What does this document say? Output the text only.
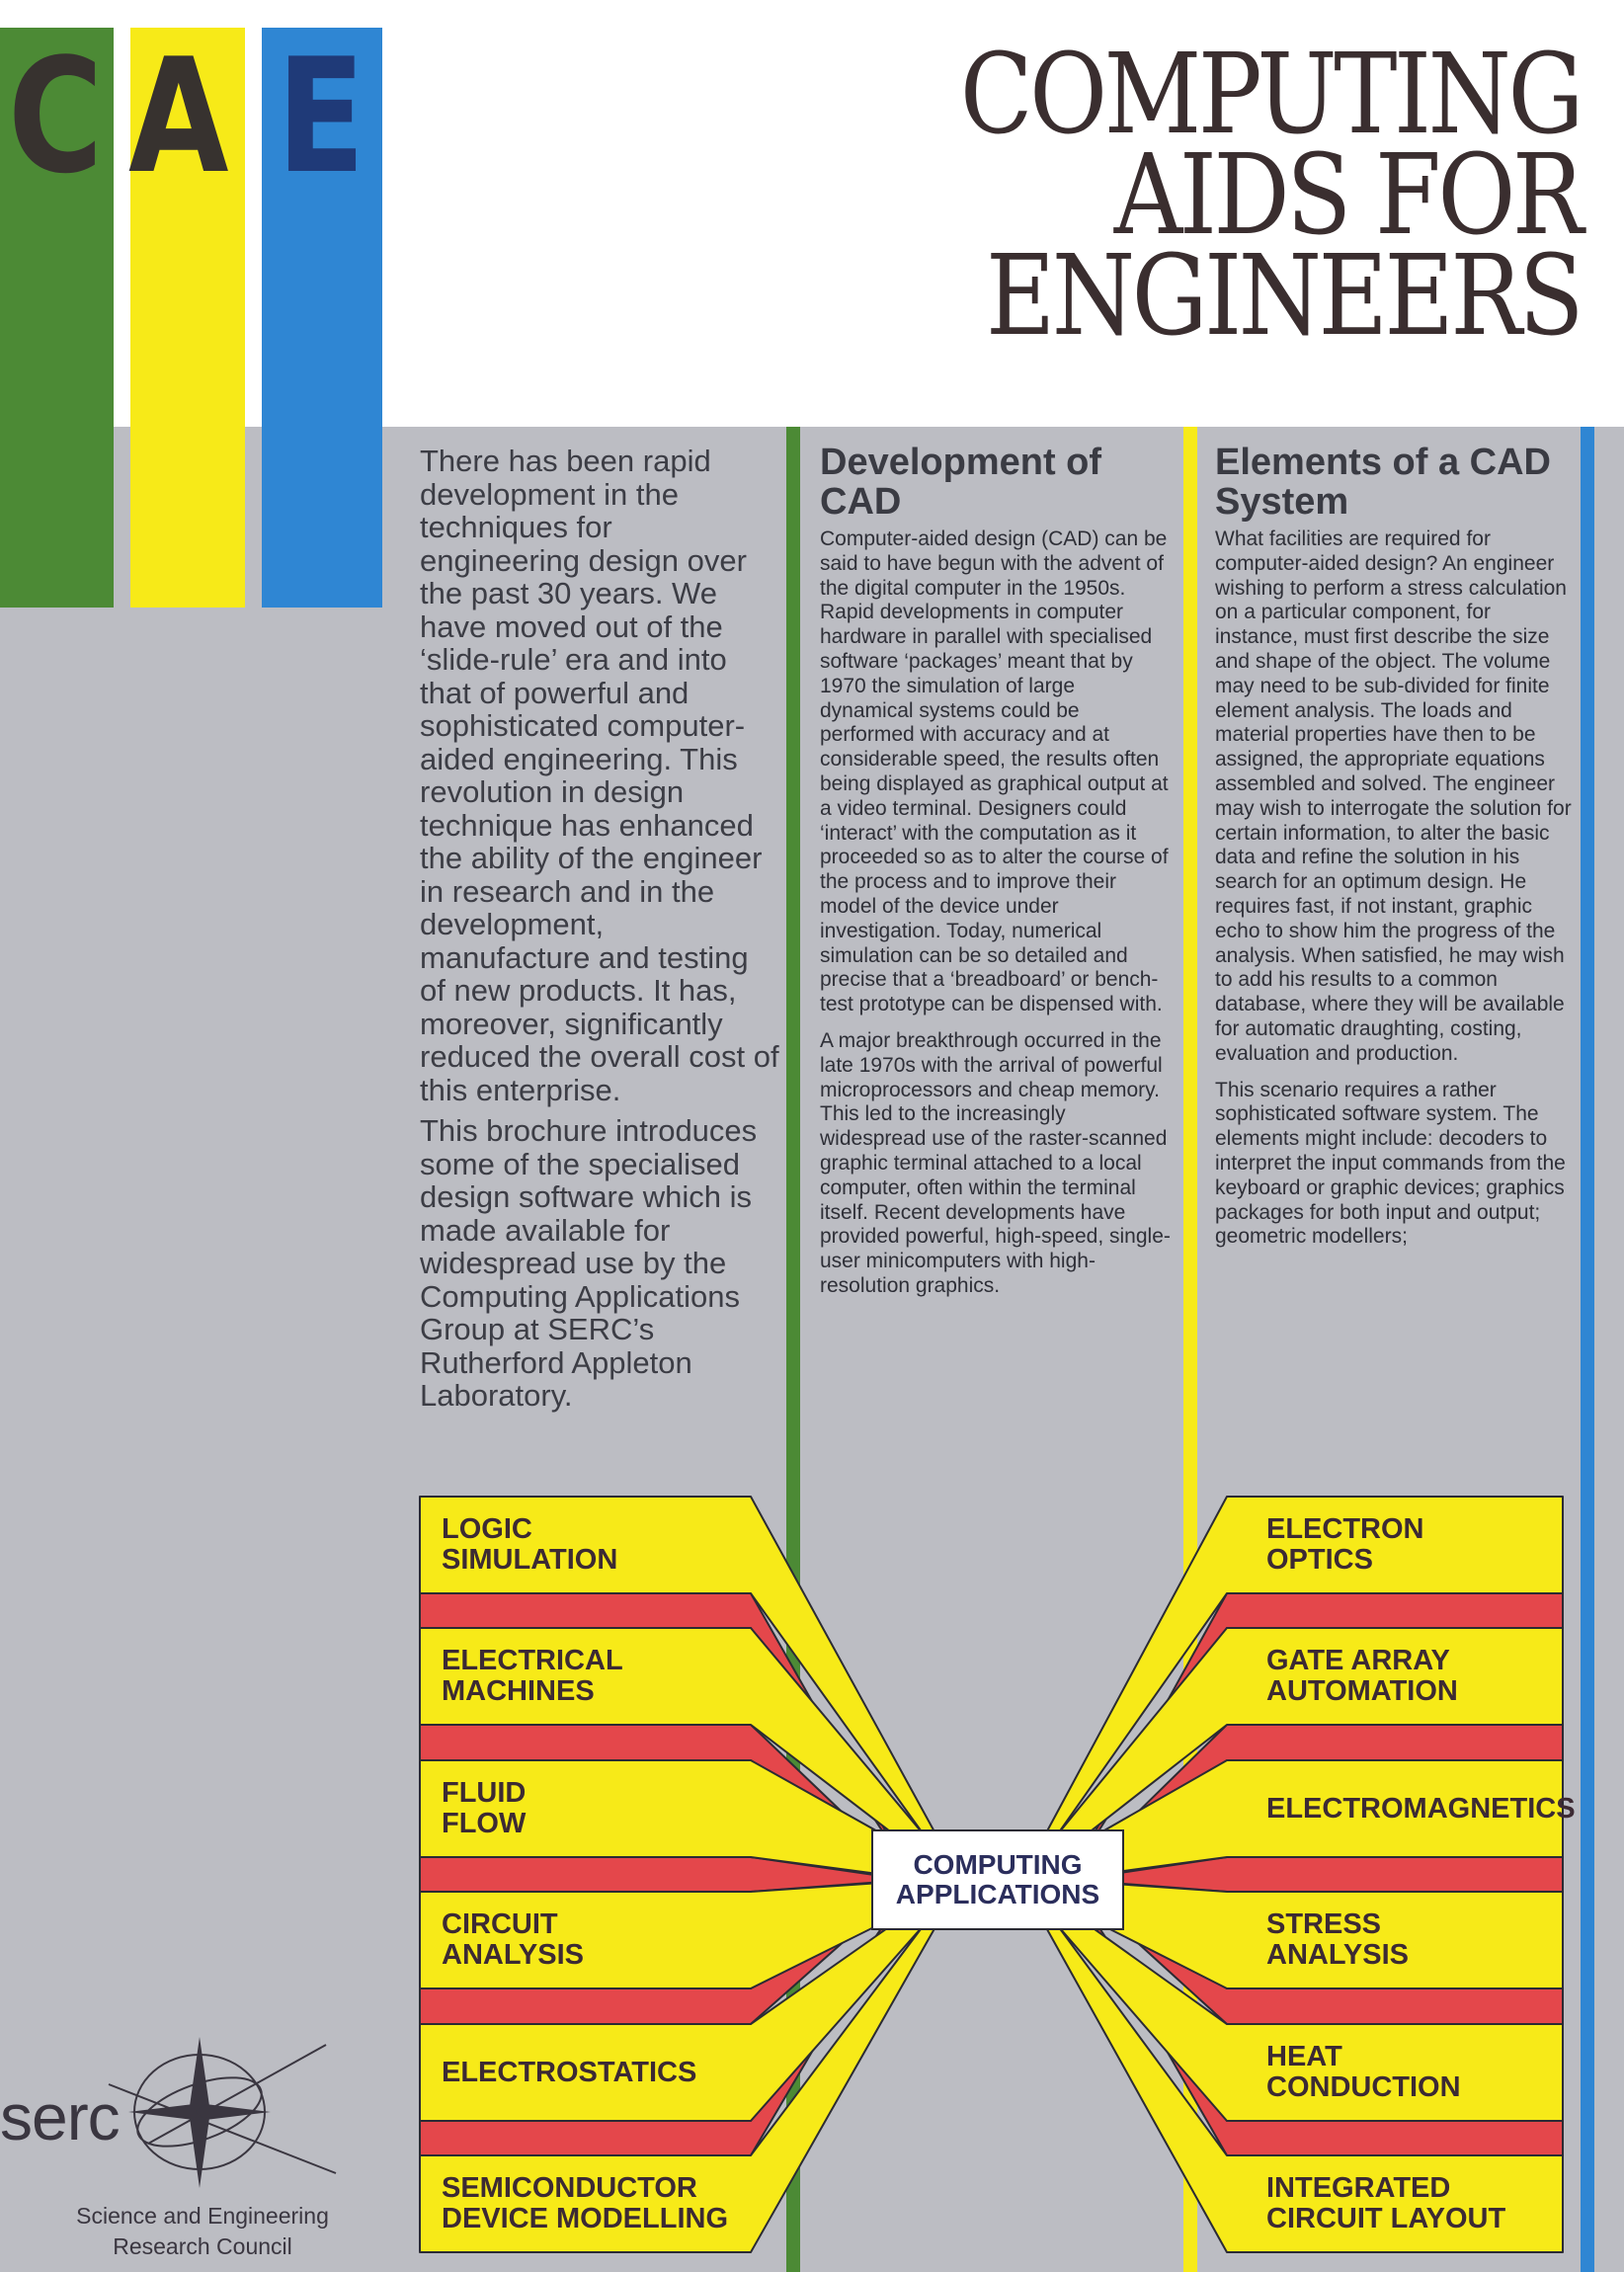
C A E	COMPUTING
AIDS FOR
ENGINEERS

There has been rapid development in the techniques for engineering design over the past 30 years. We have moved out of the ‘slide-rule’ era and into that of powerful and sophisticated computer-aided engineering. This revolution in design technique has enhanced the ability of the engineer in research and in the development, manufacture and testing of new products. It has, moreover, significantly reduced the overall cost of this enterprise.

This brochure introduces some of the specialised design software which is made available for widespread use by the Computing Applications Group at SERC’s Rutherford Appleton Laboratory.

Development of CAD

Computer-aided design (CAD) can be said to have begun with the advent of the digital computer in the 1950s. Rapid developments in computer hardware in parallel with specialised software ‘packages’ meant that by 1970 the simulation of large dynamical systems could be performed with accuracy and at considerable speed, the results often being displayed as graphical output at a video terminal. Designers could ‘interact’ with the computation as it proceeded so as to alter the course of the process and to improve their model of the device under investigation. Today, numerical simulation can be so detailed and precise that a ‘breadboard’ or bench-test prototype can be dispensed with.

A major breakthrough occurred in the late 1970s with the arrival of powerful microprocessors and cheap memory. This led to the increasingly widespread use of the raster-scanned graphic terminal attached to a local computer, often within the terminal itself. Recent developments have provided powerful, high-speed, single-user minicomputers with high-resolution graphics.

Elements of a CAD System

What facilities are required for computer-aided design? An engineer wishing to perform a stress calculation on a particular component, for instance, must first describe the size and shape of the object. The volume may need to be sub-divided for finite element analysis. The loads and material properties have then to be assigned, the appropriate equations assembled and solved. The engineer may wish to interrogate the solution for certain information, to alter the basic data and refine the solution in his search for an optimum design. He requires fast, if not instant, graphic echo to show him the progress of the analysis. When satisfied, he may wish to add his results to a common database, where they will be available for automatic draughting, costing, evaluation and production.

This scenario requires a rather sophisticated software system. The elements might include: decoders to interpret the input commands from the keyboard or graphic devices; graphics packages for both input and output; geometric modellers;

LOGIC
SIMULATION
ELECTRICAL
MACHINES
FLUID
FLOW
CIRCUIT
ANALYSIS
ELECTROSTATICS
SEMICONDUCTOR
DEVICE MODELLING
ELECTRON
OPTICS
GATE ARRAY
AUTOMATION
ELECTROMAGNETICS
STRESS
ANALYSIS
HEAT
CONDUCTION
INTEGRATED
CIRCUIT LAYOUT
COMPUTING
APPLICATIONS
serc
Science and Engineering
Research Council
